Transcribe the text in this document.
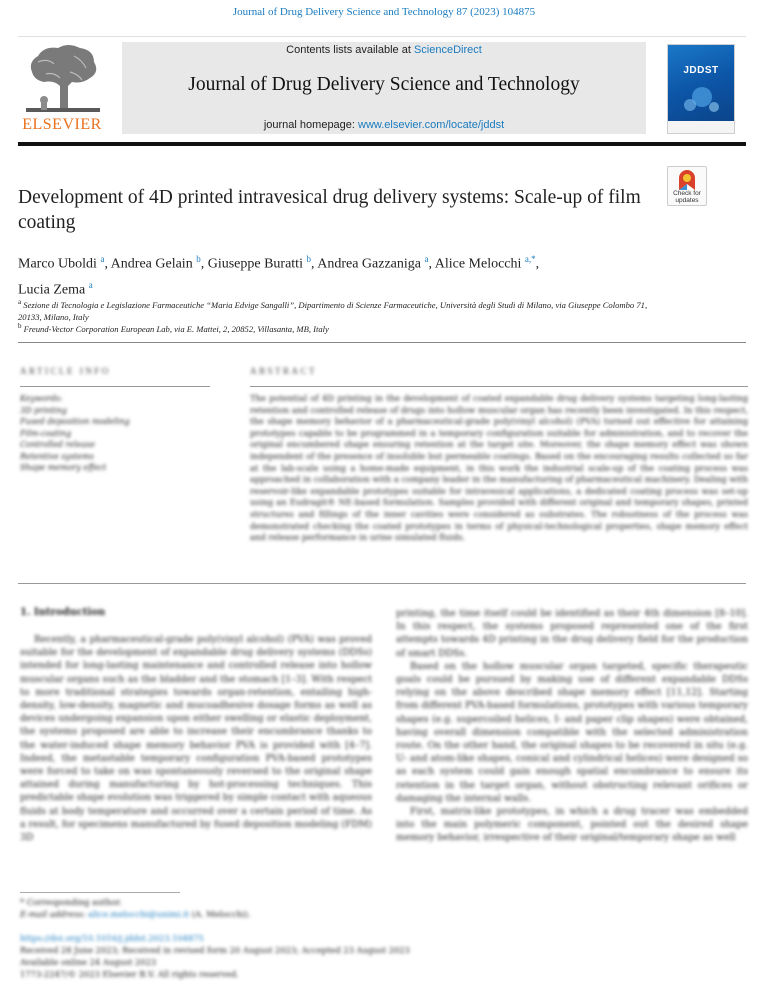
Journal of Drug Delivery Science and Technology 87 (2023) 104875
ELSEVIER
Contents lists available at ScienceDirect
Journal of Drug Delivery Science and Technology
journal homepage: www.elsevier.com/locate/jddst
JDDST
Check for updates
Development of 4D printed intravesical drug delivery systems: Scale-up of film coating
Marco Uboldi $^a$, Andrea Gelain $^b$, Giuseppe Buratti $^b$, Andrea Gazzaniga $^a$, Alice Melocchi $^{a,*}$,
Lucia Zema $^a$
$^a$ Sezione di Tecnologia e Legislazione Farmaceutiche “Maria Edvige Sangalli”, Dipartimento di Scienze Farmaceutiche, Università degli Studi di Milano, via Giuseppe Colombo 71, 20133, Milano, Italy
$^b$ Freund-Vector Corporation European Lab, via E. Mattei, 2, 20852, Villasanta, MB, Italy
ARTICLE INFO
Keywords:
3D printing
Fused deposition modeling
Film-coating
Controlled release
Retentive systems
Shape memory effect
ABSTRACT
The potential of 4D printing in the development of coated expandable drug delivery systems targeting long-lasting retention and controlled release of drugs into hollow muscular organ has recently been investigated. In this respect, the shape memory behavior of a pharmaceutical-grade poly(vinyl alcohol) (PVA) turned out effective for attaining prototypes capable to be programmed in a temporary configuration suitable for administration, and to recover the original encumbered shape ensuring retention at the target site. Moreover, the shape memory effect was shown independent of the presence of insoluble but permeable coatings. Based on the encouraging results collected so far at the lab-scale using a home-made equipment, in this work the industrial scale-up of the coating process was approached in collaboration with a company leader in the manufacturing of pharmaceutical machinery. Dealing with reservoir-like expandable prototypes suitable for intravesical applications, a dedicated coating process was set-up using an Eudragit® NE-based formulation. Samples provided with different original and temporary shapes, printed structures and fillings of the inner cavities were considered as substrates. The robustness of the process was demonstrated checking the coated prototypes in terms of physical-technological properties, shape memory effect and release performance in urine simulated fluids.
1. Introduction

Recently, a pharmaceutical-grade poly(vinyl alcohol) (PVA) was proved suitable for the development of expandable drug delivery systems (DDSs) intended for long-lasting maintenance and controlled release into hollow muscular organs such as the bladder and the stomach [1–3]. With respect to more traditional strategies towards organ-retention, entailing high-density, low-density, magnetic and mucoadhesive dosage forms as well as devices undergoing expansion upon either swelling or elastic deployment, the systems proposed are able to increase their encumbrance thanks to the water-induced shape memory behavior PVA is provided with [4–7]. Indeed, the metastable temporary configuration PVA-based prototypes were forced to take on was spontaneously reversed to the original shape attained during manufacturing by hot-processing techniques. This predictable shape evolution was triggered by simple contact with aqueous fluids at body temperature and occurred over a certain period of time. As a result, for specimens manufactured by fused deposition modeling (FDM) 3D

printing, the time itself could be identified as their 4th dimension [8–10]. In this respect, the systems proposed represented one of the first attempts towards 4D printing in the drug delivery field for the production of smart DDSs.

Based on the hollow muscular organ targeted, specific therapeutic goals could be pursued by making use of different expandable DDSs relying on the above described shape memory effect [11,12]. Starting from different PVA-based formulations, prototypes with various temporary shapes (e.g. supercoiled helices, I- and paper clip shapes) were obtained, having overall dimension compatible with the selected administration route. On the other hand, the original shapes to be recovered in situ (e.g. U- and atom-like shapes, conical and cylindrical helices) were designed so as each system could gain enough spatial encumbrance to ensure its retention in the target organ, without obstructing relevant orifices or damaging the internal walls.

First, matrix-like prototypes, in which a drug tracer was embedded into the main polymeric component, pointed out the desired shape memory behavior, irrespective of their original/temporary shape as well

* Corresponding author.
E-mail address: alice.melocchi@unimi.it (A. Melocchi).
https://doi.org/10.1016/j.jddst.2023.104875
Received 28 June 2023; Received in revised form 20 August 2023; Accepted 23 August 2023
Available online 24 August 2023
1773-2247/© 2023 Elsevier B.V. All rights reserved.
